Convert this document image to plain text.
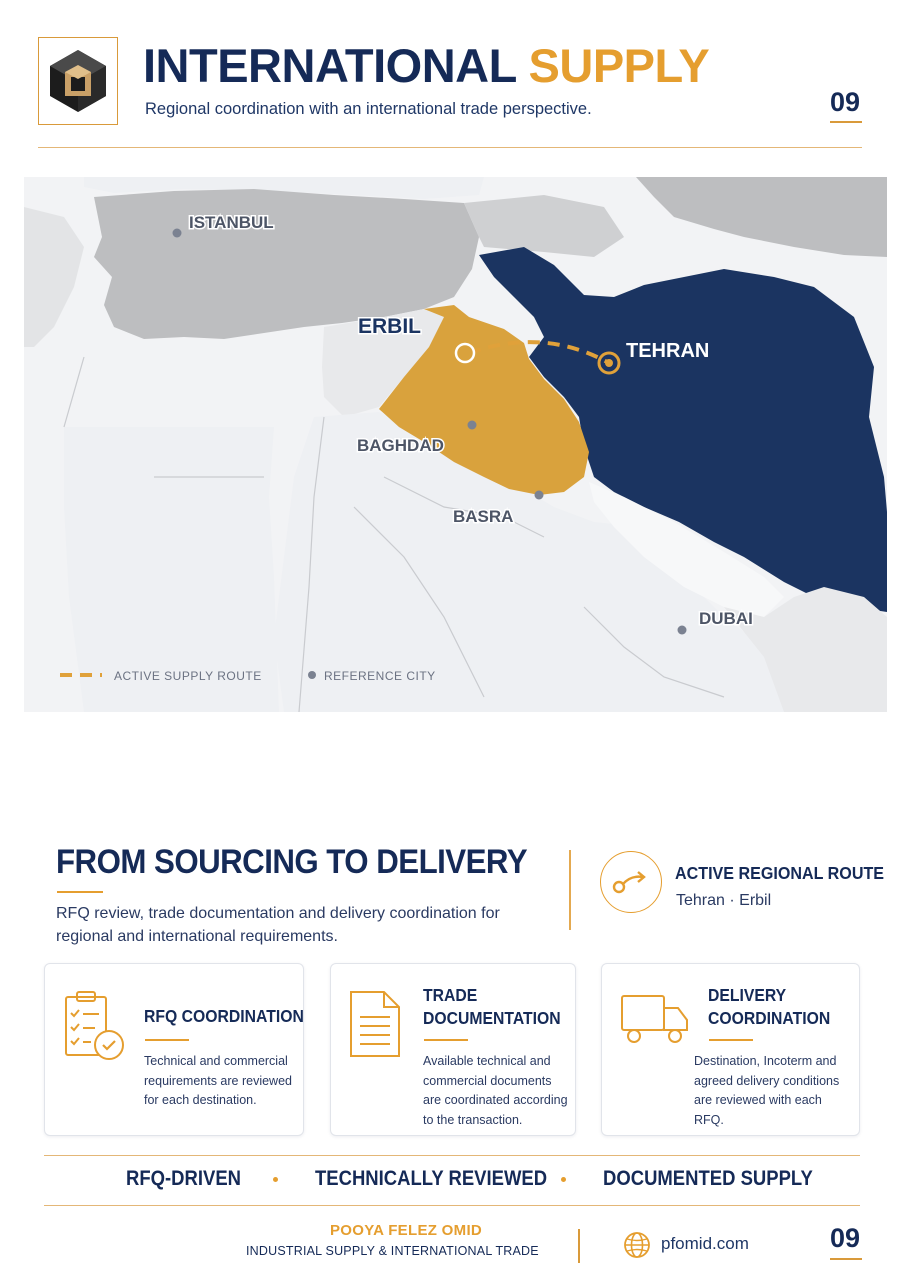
INTERNATIONAL SUPPLY
Regional coordination with an international trade perspective.	09
ISTANBUL
ERBIL
TEHRAN
BAGHDAD
BASRA
DUBAI
ACTIVE SUPPLY ROUTE	REFERENCE CITY
FROM SOURCING TO DELIVERY
RFQ review, trade documentation and delivery coordination for regional and international requirements.
ACTIVE REGIONAL ROUTE
Tehran · Erbil
RFQ COORDINATION
Technical and commercial requirements are reviewed for each destination.
TRADE
DOCUMENTATION
Available technical and commercial documents are coordinated according to the transaction.
DELIVERY
COORDINATION
Destination, Incoterm and agreed delivery conditions are reviewed with each RFQ.
RFQ-DRIVEN	TECHNICALLY REVIEWED	DOCUMENTED SUPPLY
POOYA FELEZ OMID
INDUSTRIAL SUPPLY & INTERNATIONAL TRADE	pfomid.com	09
